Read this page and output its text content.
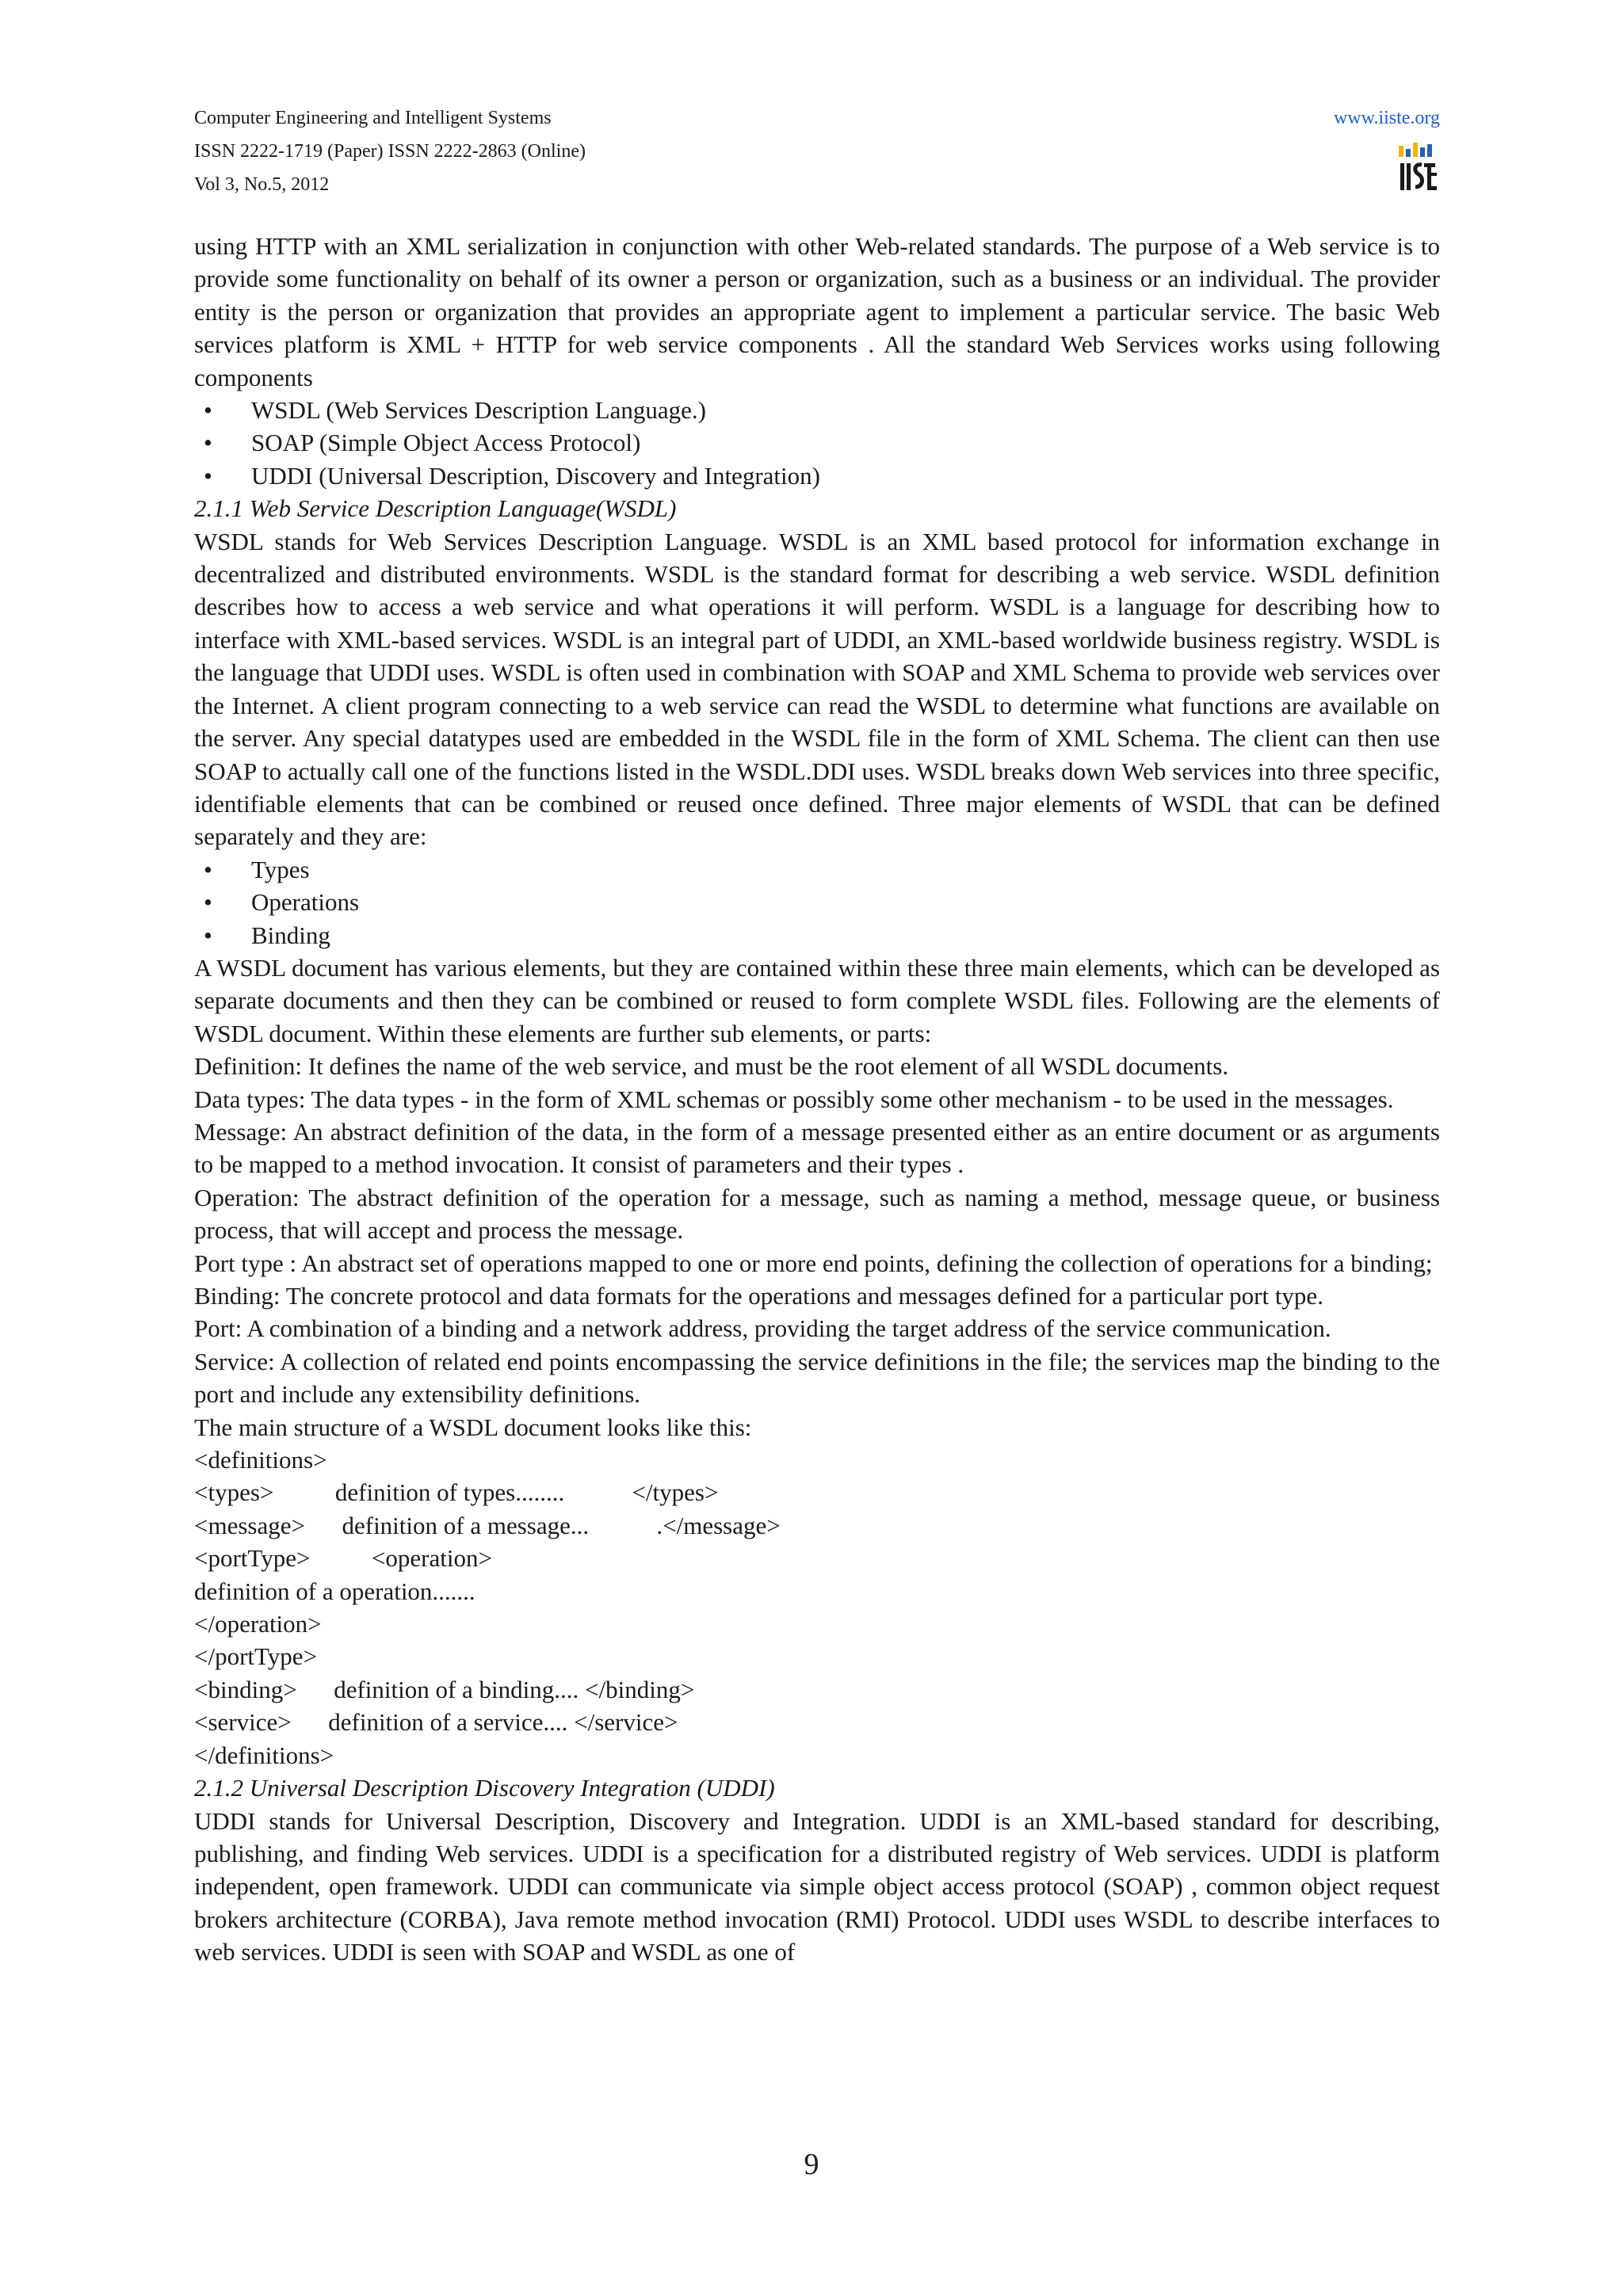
Computer Engineering and Intelligent Systems
ISSN 2222-1719 (Paper) ISSN 2222-2863 (Online)
Vol 3, No.5, 2012
www.iiste.org

using HTTP with an XML serialization in conjunction with other Web-related standards. The purpose of a Web service is to provide some functionality on behalf of its owner a person or organization, such as a business or an individual. The provider entity is the person or organization that provides an appropriate agent to implement a particular service. The basic Web services platform is XML + HTTP for web service components . All the standard Web Services works using following components

• WSDL (Web Services Description Language.)
• SOAP (Simple Object Access Protocol)
• UDDI (Universal Description, Discovery and Integration)

2.1.1 Web Service Description Language(WSDL)

WSDL stands for Web Services Description Language. WSDL is an XML based protocol for information exchange in decentralized and distributed environments. WSDL is the standard format for describing a web service. WSDL definition describes how to access a web service and what operations it will perform. WSDL is a language for describing how to interface with XML-based services. WSDL is an integral part of UDDI, an XML-based worldwide business registry. WSDL is the language that UDDI uses. WSDL is often used in combination with SOAP and XML Schema to provide web services over the Internet. A client program connecting to a web service can read the WSDL to determine what functions are available on the server. Any special datatypes used are embedded in the WSDL file in the form of XML Schema. The client can then use SOAP to actually call one of the functions listed in the WSDL.DDI uses. WSDL breaks down Web services into three specific, identifiable elements that can be combined or reused once defined. Three major elements of WSDL that can be defined separately and they are:

• Types
• Operations
• Binding

A WSDL document has various elements, but they are contained within these three main elements, which can be developed as separate documents and then they can be combined or reused to form complete WSDL files. Following are the elements of WSDL document. Within these elements are further sub elements, or parts:

Definition: It defines the name of the web service, and must be the root element of all WSDL documents.

Data types: The data types - in the form of XML schemas or possibly some other mechanism - to be used in the messages.

Message: An abstract definition of the data, in the form of a message presented either as an entire document or as arguments to be mapped to a method invocation. It consist of parameters and their types .

Operation: The abstract definition of the operation for a message, such as naming a method, message queue, or business process, that will accept and process the message.

Port type : An abstract set of operations mapped to one or more end points, defining the collection of operations for a binding;

Binding: The concrete protocol and data formats for the operations and messages defined for a particular port type.

Port: A combination of a binding and a network address, providing the target address of the service communication.

Service: A collection of related end points encompassing the service definitions in the file; the services map the binding to the port and include any extensibility definitions.

The main structure of a WSDL document looks like this:

<definitions>

<types>          definition of types........           </types>

<message>      definition of a message...           .</message>

<portType>          <operation>

definition of a operation.......

</operation>

</portType>

<binding>      definition of a binding.... </binding>

<service>      definition of a service.... </service>

</definitions>

2.1.2 Universal Description Discovery Integration (UDDI)

UDDI stands for Universal Description, Discovery and Integration. UDDI is an XML-based standard for describing, publishing, and finding Web services. UDDI is a specification for a distributed registry of Web services. UDDI is platform independent, open framework. UDDI can communicate via simple object access protocol (SOAP) , common object request brokers architecture (CORBA), Java remote method invocation (RMI) Protocol. UDDI uses WSDL to describe interfaces to web services. UDDI is seen with SOAP and WSDL as one of

9
